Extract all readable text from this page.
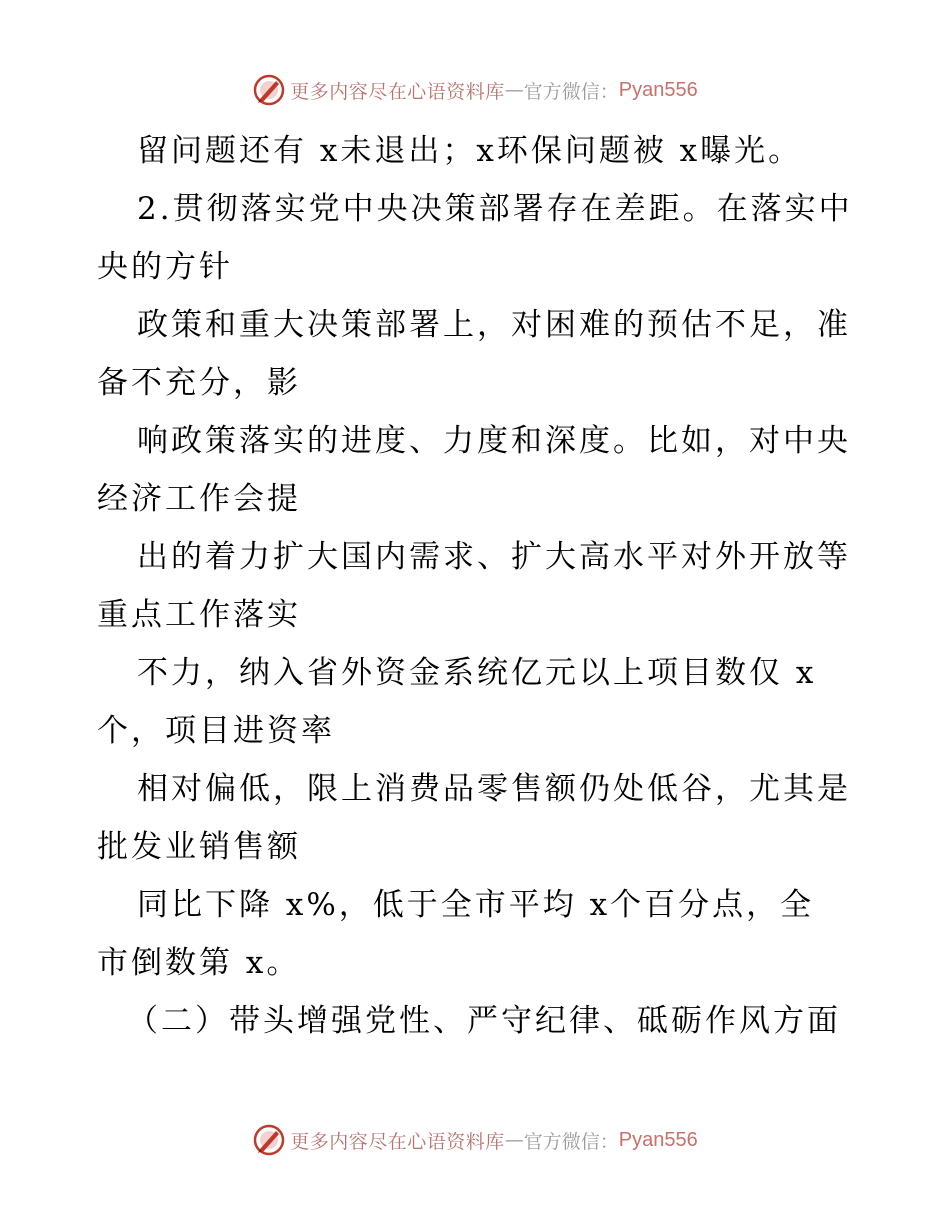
更多内容尽在心语资料库 — 官方微信： Pyan556
留问题还有 x未退出；x环保问题被 x曝光。
2.贯彻落实党中央决策部署存在差距。在落实中
央的方针
政策和重大决策部署上，对困难的预估不足，准
备不充分，影
响政策落实的进度、力度和深度。比如，对中央
经济工作会提
出的着力扩大国内需求、扩大高水平对外开放等
重点工作落实
不力，纳入省外资金系统亿元以上项目数仅 x
个，项目进资率
相对偏低，限上消费品零售额仍处低谷，尤其是
批发业销售额
同比下降 x%，低于全市平均 x个百分点，全
市倒数第 x。
（二）带头增强党性、严守纪律、砥砺作风方面
更多内容尽在心语资料库 — 官方微信： Pyan556
